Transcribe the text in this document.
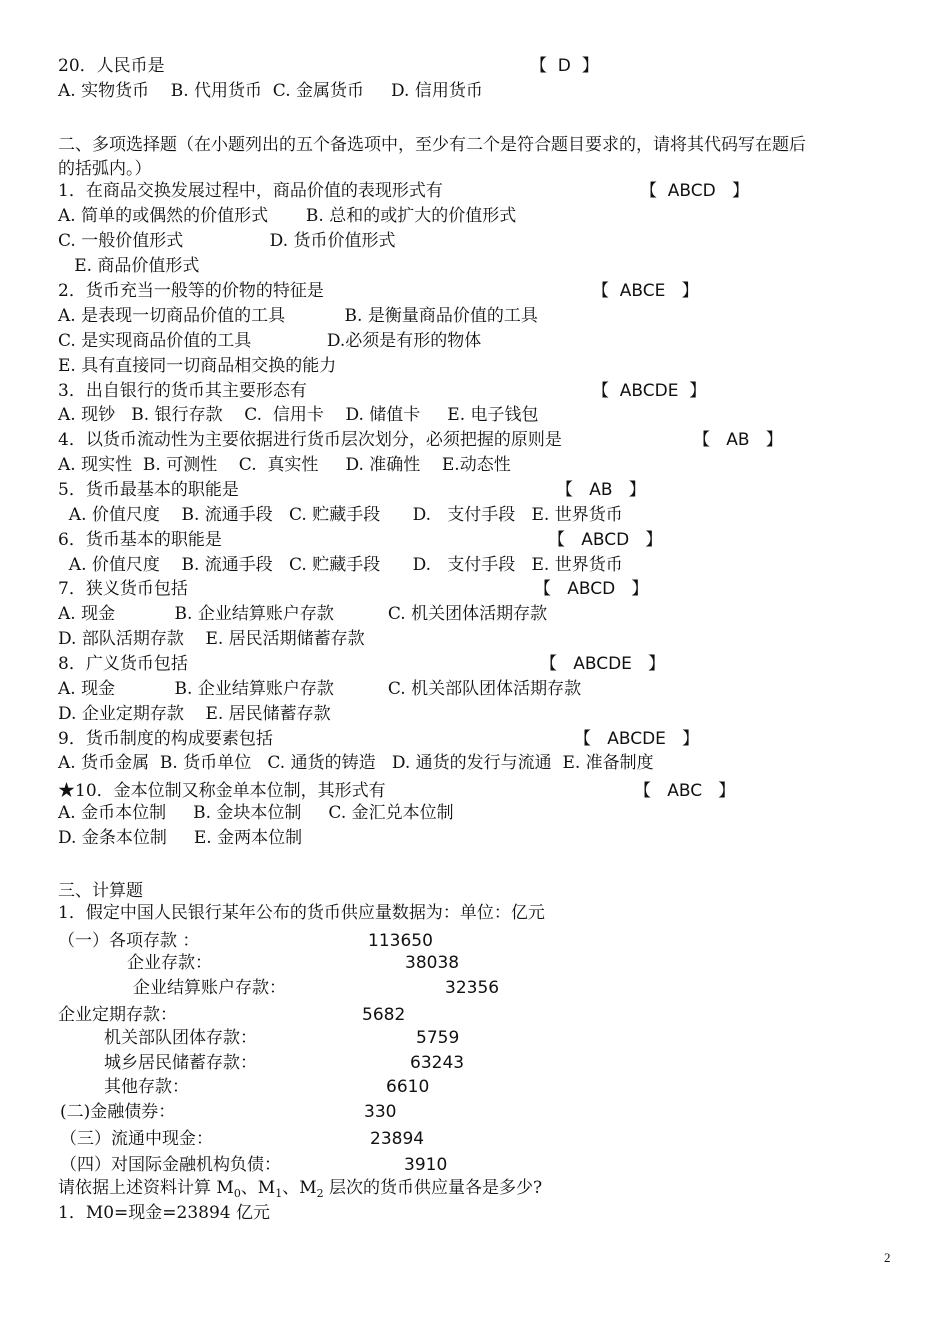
20．人民币是	【  D  】
A. 实物货币    B. 代用货币  C. 金属货币     D. 信用货币
二、多项选择题（在小题列出的五个备选项中，至少有二个是符合题目要求的，请将其代码写在题后
的括弧内。）
1．在商品交换发展过程中，商品价值的表现形式有	【  ABCD   】
A. 简单的或偶然的价值形式       B. 总和的或扩大的价值形式
C. 一般价值形式                D. 货币价值形式
E. 商品价值形式
2．货币充当一般等的价物的特征是	【  ABCE   】
A. 是表现一切商品价值的工具           B. 是衡量商品价值的工具
C. 是实现商品价值的工具              D.必须是有形的物体
E. 具有直接同一切商品相交换的能力
3．出自银行的货币其主要形态有	【  ABCDE  】
A. 现钞   B. 银行存款    C.  信用卡    D. 储值卡     E. 电子钱包
4．以货币流动性为主要依据进行货币层次划分，必须把握的原则是	【   AB   】
A. 现实性  B. 可测性    C.  真实性     D. 准确性    E.动态性
5．货币最基本的职能是	【   AB   】
A. 价值尺度    B. 流通手段   C. 贮藏手段      D.   支付手段   E. 世界货币
6．货币基本的职能是	【   ABCD   】
A. 价值尺度    B. 流通手段   C. 贮藏手段      D.   支付手段   E. 世界货币
7．狭义货币包括	【   ABCD   】
A. 现金           B. 企业结算账户存款          C. 机关团体活期存款
D. 部队活期存款    E. 居民活期储蓄存款
8．广义货币包括	【   ABCDE   】
A. 现金           B. 企业结算账户存款          C. 机关部队团体活期存款
D. 企业定期存款    E. 居民储蓄存款
9．货币制度的构成要素包括	【   ABCDE   】
A. 货币金属  B. 货币单位   C. 通货的铸造   D. 通货的发行与流通  E. 准备制度
★10．金本位制又称金单本位制，其形式有	【   ABC   】
A. 金币本位制     B. 金块本位制     C. 金汇兑本位制
D. 金条本位制     E. 金两本位制
三、计算题
1．假定中国人民银行某年公布的货币供应量数据为：单位：亿元
（一）各项存款 ：	113650
企业存款：	38038
企业结算账户存款：	32356
企业定期存款：	5682
机关部队团体存款：	5759
城乡居民储蓄存款：	63243
其他存款：	6610
(二)金融债券：	330
（三）流通中现金：	23894
（四）对国际金融机构负债：	3910
请依据上述资料计算 $M_0$、$M_1$、$M_2$ 层次的货币供应量各是多少?
1．M0=现金=23894 亿元
2
